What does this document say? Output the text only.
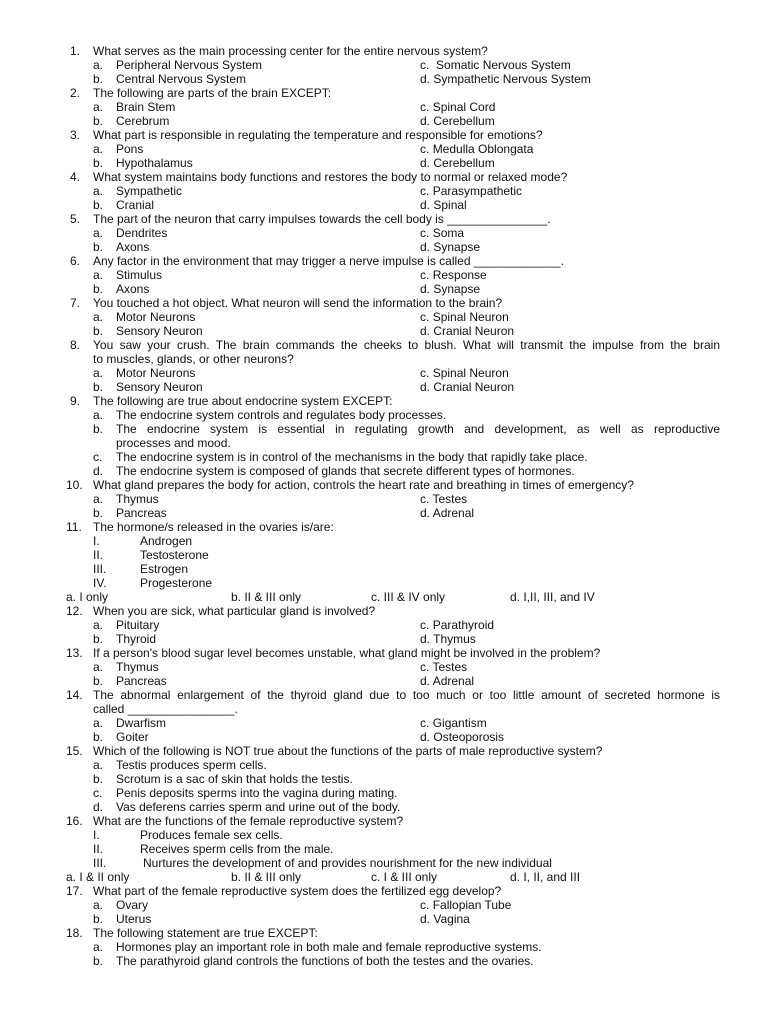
1. What serves as the main processing center for the entire nervous system?
a. Peripheral Nervous System	c. Somatic Nervous System
b. Central Nervous System	d. Sympathetic Nervous System
2. The following are parts of the brain EXCEPT:
a. Brain Stem	c. Spinal Cord
b. Cerebrum	d. Cerebellum
3. What part is responsible in regulating the temperature and responsible for emotions?
a. Pons	c. Medulla Oblongata
b. Hypothalamus	d. Cerebellum
4. What system maintains body functions and restores the body to normal or relaxed mode?
a. Sympathetic	c. Parasympathetic
b. Cranial	d. Spinal
5. The part of the neuron that carry impulses towards the cell body is _______________.
a. Dendrites	c. Soma
b. Axons	d. Synapse
6. Any factor in the environment that may trigger a nerve impulse is called _____________.
a. Stimulus	c. Response
b. Axons	d. Synapse
7. You touched a hot object. What neuron will send the information to the brain?
a. Motor Neurons	c. Spinal Neuron
b. Sensory Neuron	d. Cranial Neuron
8. You saw your crush. The brain commands the cheeks to blush. What will transmit the impulse from the brain
to muscles, glands, or other neurons?
a. Motor Neurons	c. Spinal Neuron
b. Sensory Neuron	d. Cranial Neuron
9. The following are true about endocrine system EXCEPT:
a. The endocrine system controls and regulates body processes.
b. The endocrine system is essential in regulating growth and development, as well as reproductive
processes and mood.
c. The endocrine system is in control of the mechanisms in the body that rapidly take place.
d. The endocrine system is composed of glands that secrete different types of hormones.
10. What gland prepares the body for action, controls the heart rate and breathing in times of emergency?
a. Thymus	c. Testes
b. Pancreas	d. Adrenal
11. The hormone/s released in the ovaries is/are:
I.	Androgen
II.	Testosterone
III.	Estrogen
IV.	Progesterone
a. I only	b. II & III only	c. III & IV only	d. I,II, III, and IV
12. When you are sick, what particular gland is involved?
a. Pituitary	c. Parathyroid
b. Thyroid	d. Thymus
13. If a person's blood sugar level becomes unstable, what gland might be involved in the problem?
a. Thymus	c. Testes
b. Pancreas	d. Adrenal
14. The abnormal enlargement of the thyroid gland due to too much or too little amount of secreted hormone is
called ________________.
a. Dwarfism	c. Gigantism
b. Goiter	d. Osteoporosis
15. Which of the following is NOT true about the functions of the parts of male reproductive system?
a. Testis produces sperm cells.
b. Scrotum is a sac of skin that holds the testis.
c. Penis deposits sperms into the vagina during mating.
d. Vas deferens carries sperm and urine out of the body.
16. What are the functions of the female reproductive system?
I.	Produces female sex cells.
II.	Receives sperm cells from the male.
III.	Nurtures the development of and provides nourishment for the new individual
a. I & II only	b. II & III only	c. I & III only	d. I, II, and III
17. What part of the female reproductive system does the fertilized egg develop?
a. Ovary	c. Fallopian Tube
b. Uterus	d. Vagina
18. The following statement are true EXCEPT:
a. Hormones play an important role in both male and female reproductive systems.
b. The parathyroid gland controls the functions of both the testes and the ovaries.
